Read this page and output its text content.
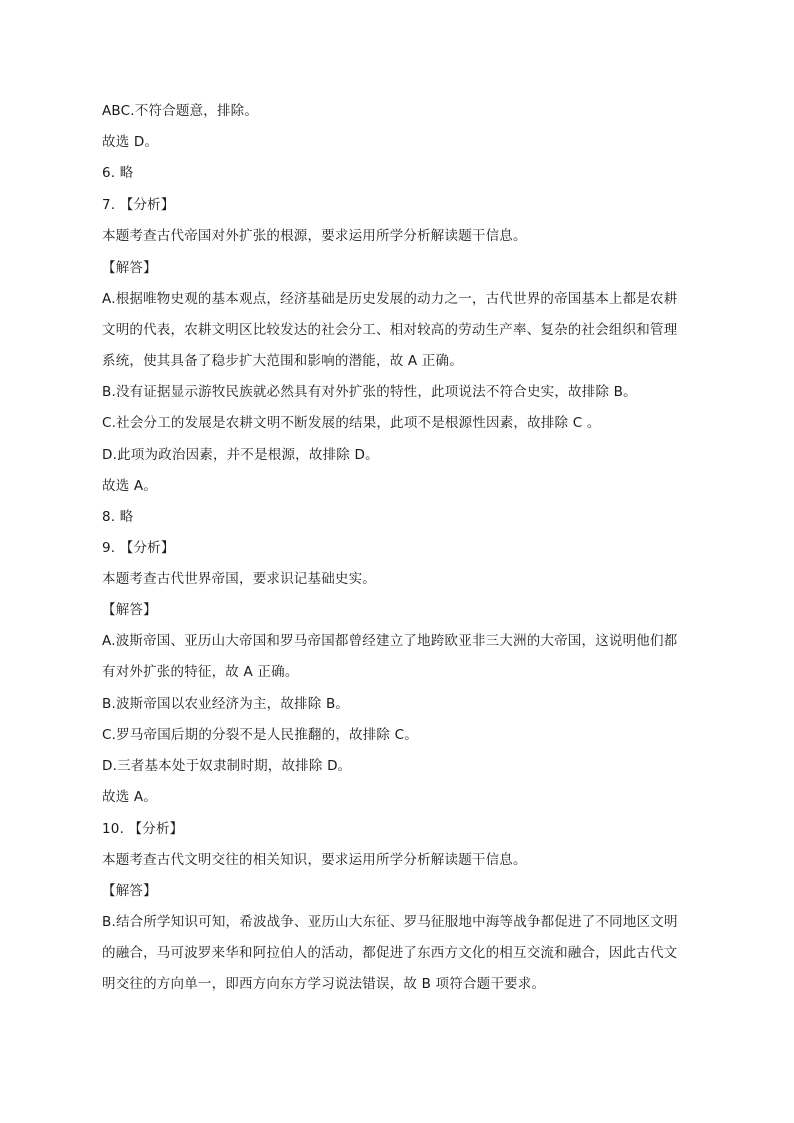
ABC.不符合题意，排除。
故选 D。
6. 略
7. 【分析】
本题考查古代帝国对外扩张的根源，要求运用所学分析解读题干信息。
【解答】
A.根据唯物史观的基本观点，经济基础是历史发展的动力之一，古代世界的帝国基本上都是农耕
文明的代表，农耕文明区比较发达的社会分工、相对较高的劳动生产率、复杂的社会组织和管理
系统，使其具备了稳步扩大范围和影响的潜能，故 A 正确。
B.没有证据显示游牧民族就必然具有对外扩张的特性，此项说法不符合史实，故排除 B。
C.社会分工的发展是农耕文明不断发展的结果，此项不是根源性因素，故排除 C 。
D.此项为政治因素，并不是根源，故排除 D。
故选 A。
8. 略
9. 【分析】
本题考查古代世界帝国，要求识记基础史实。
【解答】
A.波斯帝国、亚历山大帝国和罗马帝国都曾经建立了地跨欧亚非三大洲的大帝国，这说明他们都
有对外扩张的特征，故 A 正确。
B.波斯帝国以农业经济为主，故排除 B。
C.罗马帝国后期的分裂不是人民推翻的，故排除 C。
D.三者基本处于奴隶制时期，故排除 D。
故选 A。
10. 【分析】
本题考查古代文明交往的相关知识，要求运用所学分析解读题干信息。
【解答】
B.结合所学知识可知，希波战争、亚历山大东征、罗马征服地中海等战争都促进了不同地区文明
的融合，马可波罗来华和阿拉伯人的活动，都促进了东西方文化的相互交流和融合，因此古代文
明交往的方向单一，即西方向东方学习说法错误，故 B 项符合题干要求。
